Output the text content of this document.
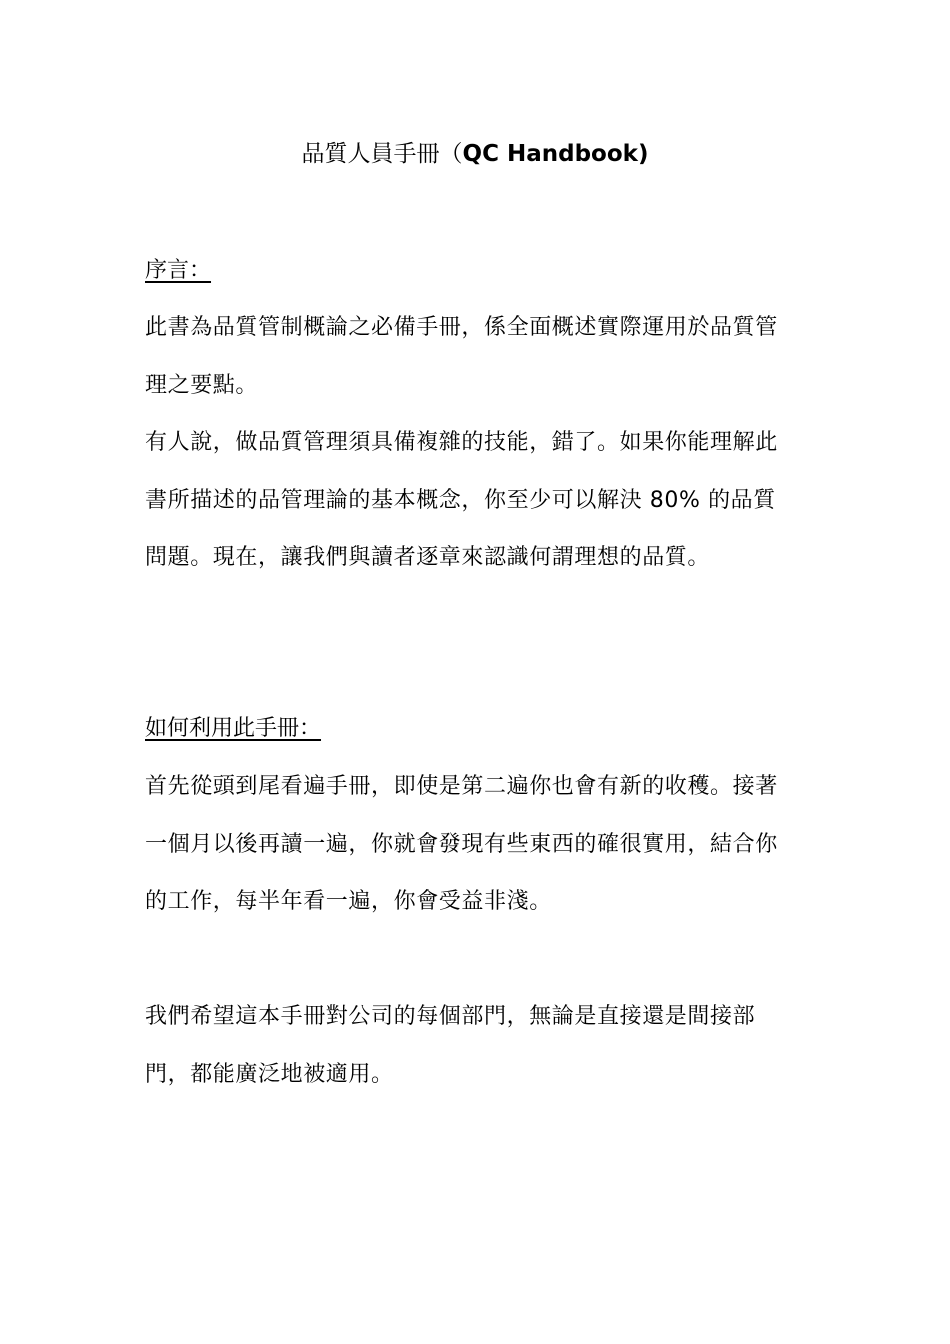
品質人員手冊（QC Handbook)
序言：

此書為品質管制概論之必備手冊，係全面概述實際運用於品質管理之要點。

有人說，做品質管理須具備複雜的技能，錯了。如果你能理解此書所描述的品管理論的基本概念，你至少可以解決 80% 的品質問題。現在，讓我們與讀者逐章來認識何謂理想的品質。

如何利用此手冊：

首先從頭到尾看遍手冊，即使是第二遍你也會有新的收穫。接著一個月以後再讀一遍，你就會發現有些東西的確很實用，結合你的工作，每半年看一遍，你會受益非淺。

我們希望這本手冊對公司的每個部門，無論是直接還是間接部門，都能廣泛地被適用。
